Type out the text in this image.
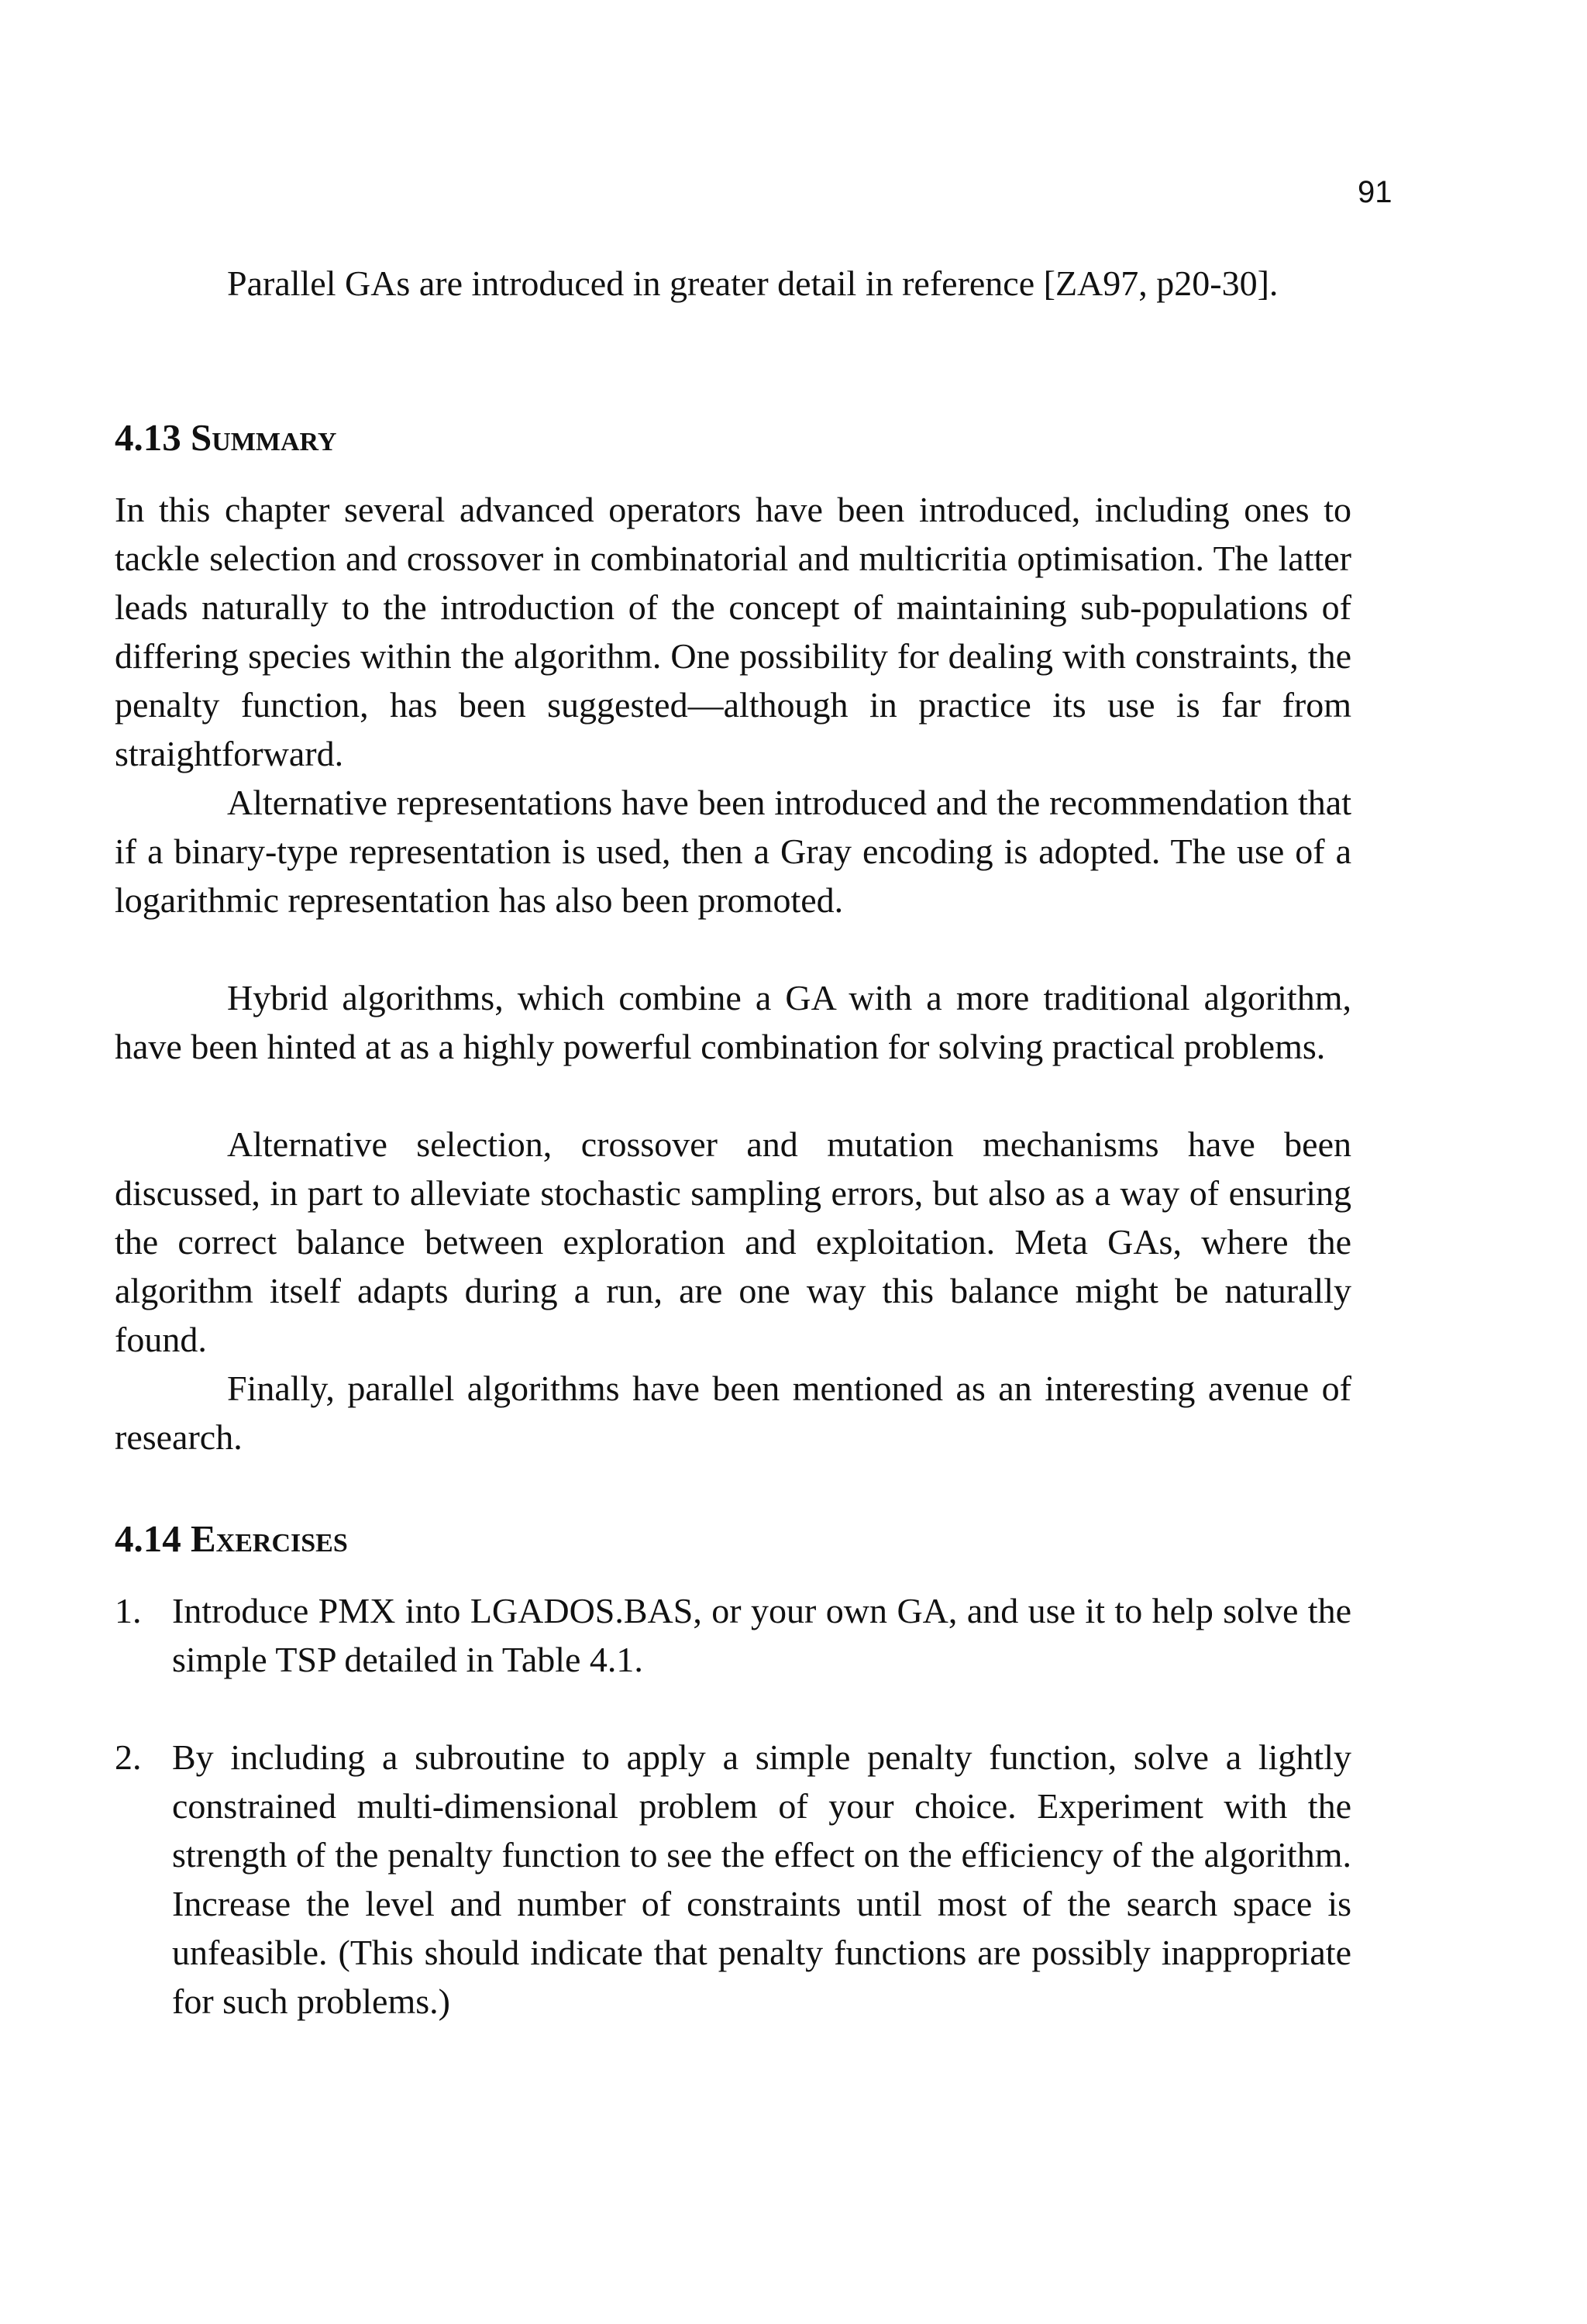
91

Parallel GAs are introduced in greater detail in reference [ZA97, p20-30].

4.13 Summary

In this chapter several advanced operators have been introduced, including ones to tackle selection and crossover in combinatorial and multicritia optimisation. The latter leads naturally to the introduction of the concept of maintaining sub-populations of differing species within the algorithm. One possibility for dealing with constraints, the penalty function, has been suggested—although in practice its use is far from straightforward.

Alternative representations have been introduced and the recommendation that if a binary-type representation is used, then a Gray encoding is adopted. The use of a logarithmic representation has also been promoted.

Hybrid algorithms, which combine a GA with a more traditional algorithm, have been hinted at as a highly powerful combination for solving practical problems.

Alternative selection, crossover and mutation mechanisms have been discussed, in part to alleviate stochastic sampling errors, but also as a way of ensuring the correct balance between exploration and exploitation. Meta GAs, where the algorithm itself adapts during a run, are one way this balance might be naturally found.

Finally, parallel algorithms have been mentioned as an interesting avenue of research.

4.14 Exercises
1. Introduce PMX into LGADOS.BAS, or your own GA, and use it to help solve the simple TSP detailed in Table 4.1.

2. By including a subroutine to apply a simple penalty function, solve a lightly constrained multi-dimensional problem of your choice. Experiment with the strength of the penalty function to see the effect on the efficiency of the algorithm. Increase the level and number of constraints until most of the search space is unfeasible. (This should indicate that penalty functions are possibly inappropriate for such problems.)
